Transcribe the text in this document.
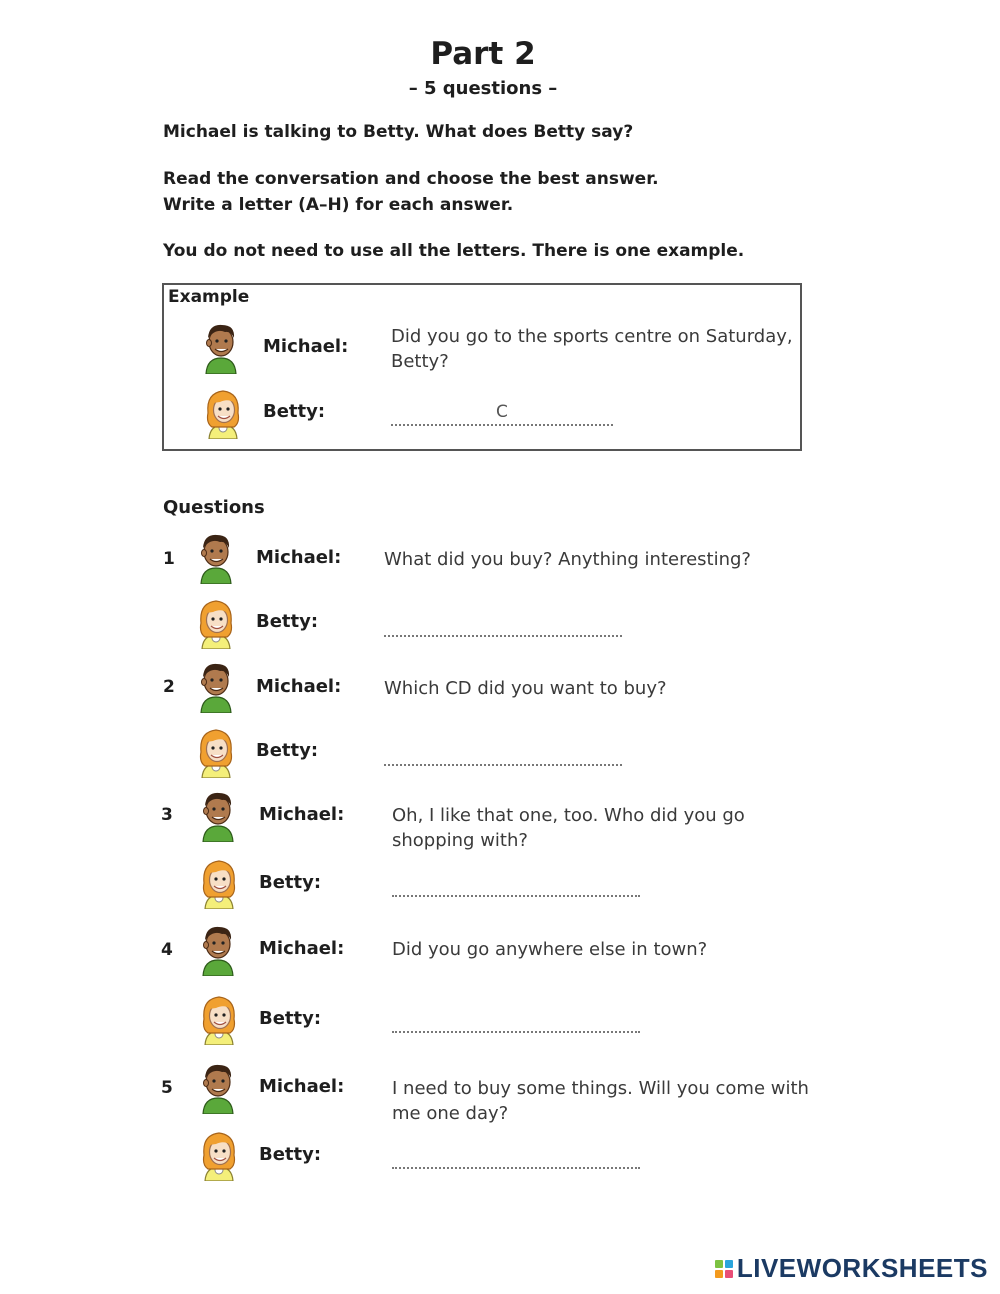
Part 2
– 5 questions –
Michael is talking to Betty. What does Betty say?
Read the conversation and choose the best answer.
Write a letter (A–H) for each answer.
You do not need to use all the letters. There is one example.
Example
Michael: Did you go to the sports centre on Saturday,
Betty?
Betty:	C
Questions
1	Michael: What did you buy? Anything interesting?
Betty:
2	Michael: Which CD did you want to buy?
Betty:
3	Michael:	Oh, I like that one, too. Who did you go
shopping with?
Betty:
4	Michael:	Did you go anywhere else in town?
Betty:
5	Michael:	I need to buy some things. Will you come with
me one day?
Betty:
LIVEWORKSHEETS
